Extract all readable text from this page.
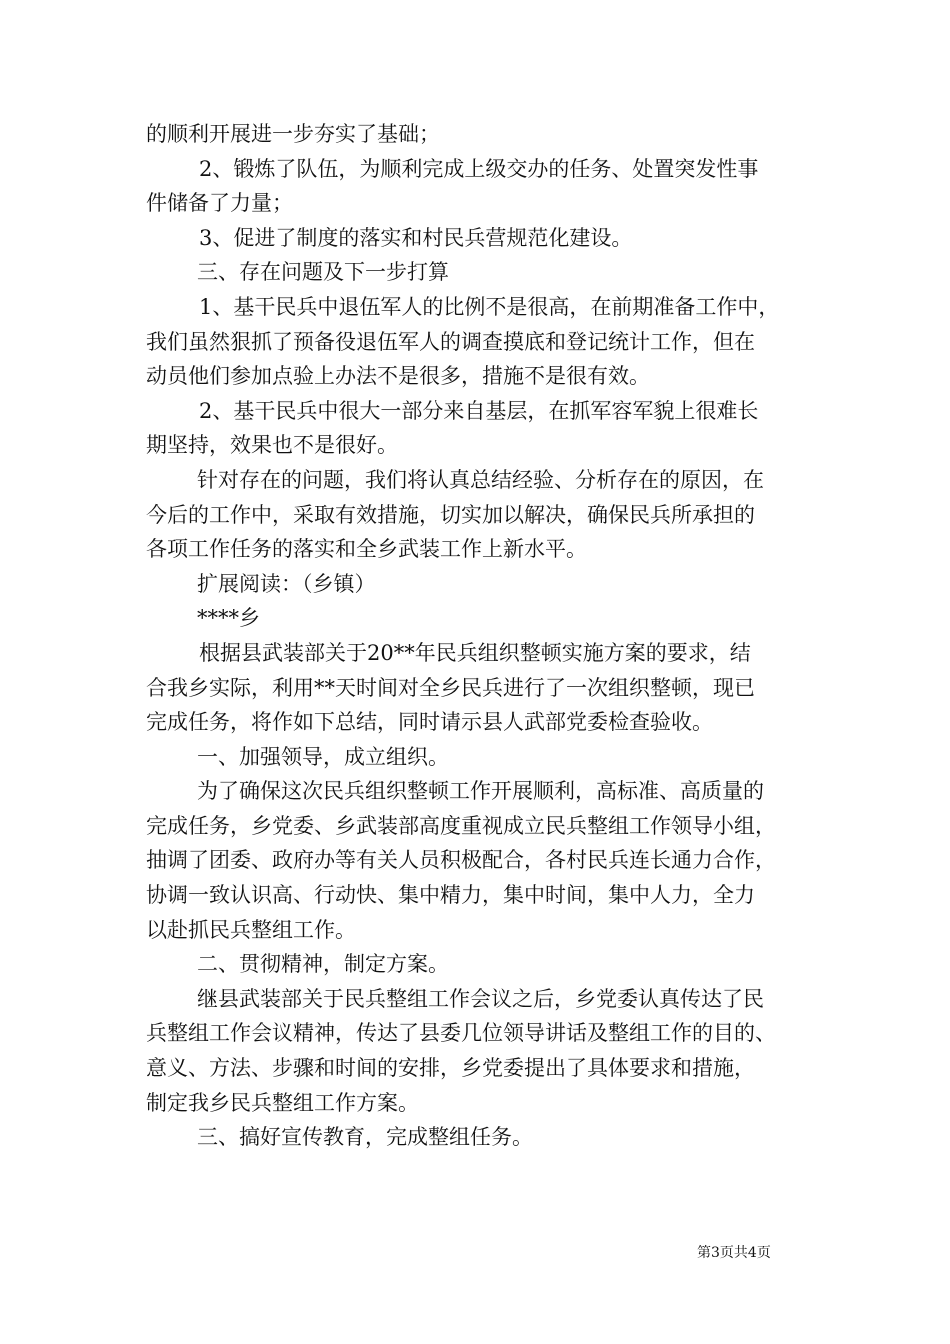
的顺利开展进一步夯实了基础；
2、锻炼了队伍，为顺利完成上级交办的任务、处置突发性事
件储备了力量；
3、促进了制度的落实和村民兵营规范化建设。
三、存在问题及下一步打算
1、基干民兵中退伍军人的比例不是很高，在前期准备工作中，
我们虽然狠抓了预备役退伍军人的调查摸底和登记统计工作，但在
动员他们参加点验上办法不是很多，措施不是很有效。
2、基干民兵中很大一部分来自基层，在抓军容军貌上很难长
期坚持，效果也不是很好。
针对存在的问题，我们将认真总结经验、分析存在的原因，在
今后的工作中，采取有效措施，切实加以解决，确保民兵所承担的
各项工作任务的落实和全乡武装工作上新水平。
扩展阅读：（乡镇）
****乡
根据县武装部关于20**年民兵组织整顿实施方案的要求，结
合我乡实际，利用**天时间对全乡民兵进行了一次组织整顿，现已
完成任务，将作如下总结，同时请示县人武部党委检查验收。
一、加强领导，成立组织。
为了确保这次民兵组织整顿工作开展顺利，高标准、高质量的
完成任务，乡党委、乡武装部高度重视成立民兵整组工作领导小组，
抽调了团委、政府办等有关人员积极配合，各村民兵连长通力合作，
协调一致认识高、行动快、集中精力，集中时间，集中人力，全力
以赴抓民兵整组工作。
二、贯彻精神，制定方案。
继县武装部关于民兵整组工作会议之后，乡党委认真传达了民
兵整组工作会议精神，传达了县委几位领导讲话及整组工作的目的、
意义、方法、步骤和时间的安排，乡党委提出了具体要求和措施，
制定我乡民兵整组工作方案。
三、搞好宣传教育，完成整组任务。
第3页共4页
